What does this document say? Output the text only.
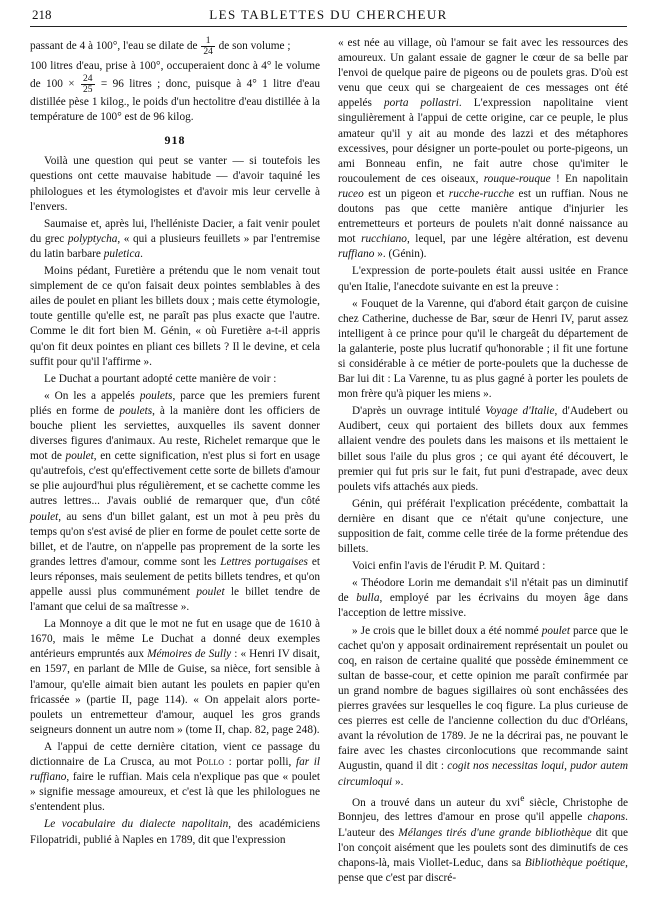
218	LES TABLETTES DU CHERCHEUR

passant de 4 à 100°, l'eau se dilate de $\frac{1}{24}$ de son volume ;

100 litres d'eau, prise à 100°, occuperaient donc à 4° le volume de $100 \times \frac{24}{25} = 96$ litres ; donc, puisque à 4° 1 litre d'eau distillée pèse 1 kilog., le poids d'un hectolitre d'eau distillée à la température de 100° est de 96 kilog.

918

Voilà une question qui peut se vanter — si toutefois les questions ont cette mauvaise habitude — d'avoir taquiné les philologues et les étymologistes et d'avoir mis leur cervelle à l'envers.

Saumaise et, après lui, l'helléniste Dacier, a fait venir poulet du grec polyptycha, « qui a plusieurs feuillets » par l'entremise du latin barbare puletica.

Moins pédant, Furetière a prétendu que le nom venait tout simplement de ce qu'on faisait deux pointes semblables à des ailes de poulet en pliant les billets doux ; mais cette étymologie, toute gentille qu'elle est, ne paraît pas plus exacte que l'autre. Comme le dit fort bien M. Génin, « où Furetière a-t-il appris qu'on fit deux pointes en pliant ces billets ? Il le devine, et cela suffit pour qu'il l'affirme ».

Le Duchat a pourtant adopté cette manière de voir :

« On les a appelés poulets, parce que les premiers furent pliés en forme de poulets, à la manière dont les officiers de bouche plient les serviettes, auxquelles ils savent donner diverses figures d'animaux. Au reste, Richelet remarque que le mot de poulet, en cette signification, n'est plus si fort en usage qu'autrefois, c'est qu'effectivement cette sorte de billets d'amour se plie aujourd'hui plus régulièrement, et se cachette comme les autres lettres... J'avais oublié de remarquer que, d'un côté poulet, au sens d'un billet galant, est un mot à peu près du temps qu'on s'est avisé de plier en forme de poulet cette sorte de billet, et de l'autre, on n'appelle pas proprement de la sorte les grandes lettres d'amour, comme sont les Lettres portugaises et leurs réponses, mais seulement de petits billets tendres, et qu'on appelle aussi plus communément poulet le billet tendre de l'amant que celui de sa maîtresse ».

La Monnoye a dit que le mot ne fut en usage que de 1610 à 1670, mais le même Le Duchat a donné deux exemples antérieurs empruntés aux Mémoires de Sully : « Henri IV disait, en 1597, en parlant de Mlle de Guise, sa nièce, fort sensible à l'amour, qu'elle aimait bien autant les poulets en papier qu'en fricassée » (partie II, page 114). « On appelait alors porte-poulets un entremetteur d'amour, auquel les gros grands seigneurs donnent un autre nom » (tome II, chap. 82, page 248).

A l'appui de cette dernière citation, vient ce passage du dictionnaire de La Crusca, au mot Pollo : portar polli, far il ruffiano, faire le ruffian. Mais cela n'explique pas que « poulet » signifie message amoureux, et c'est là que les philologues ne s'entendent plus.

Le vocabulaire du dialecte napolitain, des académiciens Filopatridi, publié à Naples en 1789, dit que l'expression

« est née au village, où l'amour se fait avec les ressources des amoureux. Un galant essaie de gagner le cœur de sa belle par l'envoi de quelque paire de pigeons ou de poulets gras. D'où est venu que ceux qui se chargeaient de ces messages ont été appelés porta pollastri. L'expression napolitaine vient singulièrement à l'appui de cette origine, car ce peuple, le plus amateur qu'il y ait au monde des lazzi et des métaphores excessives, pour désigner un porte-poulet ou porte-pigeons, un ami Bonneau enfin, ne fait autre chose qu'imiter le roucoulement de ces oiseaux, rouque-rouque ! En napolitain ruceo est un pigeon et rucche-rucche est un ruffian. Nous ne doutons pas que cette manière antique d'injurier les entremetteurs et porteurs de poulets n'ait donné naissance au mot rucchiano, lequel, par une légère altération, est devenu ruffiano ». (Génin).

L'expression de porte-poulets était aussi usitée en France qu'en Italie, l'anecdote suivante en est la preuve :

« Fouquet de la Varenne, qui d'abord était garçon de cuisine chez Catherine, duchesse de Bar, sœur de Henri IV, parut assez intelligent à ce prince pour qu'il le chargeât du département de la galanterie, poste plus lucratif qu'honorable ; il fit une fortune si considérable à ce métier de porte-poulets que la duchesse de Bar lui dit : La Varenne, tu as plus gagné à porter les poulets de mon frère qu'à piquer les miens ».

D'après un ouvrage intitulé Voyage d'Italie, d'Audebert ou Audibert, ceux qui portaient des billets doux aux femmes allaient vendre des poulets dans les maisons et ils mettaient le billet sous l'aile du plus gros ; ce qui ayant été découvert, le premier qui fut pris sur le fait, fut puni d'estrapade, avec deux poulets vifs attachés aux pieds.

Génin, qui préférait l'explication précédente, combattait la dernière en disant que ce n'était qu'une conjecture, une supposition de fait, comme celle tirée de la forme prétendue des billets.

Voici enfin l'avis de l'érudit P. M. Quitard :

« Théodore Lorin me demandait s'il n'était pas un diminutif de bulla, employé par les écrivains du moyen âge dans l'acception de lettre missive.

» Je crois que le billet doux a été nommé poulet parce que le cachet qu'on y apposait ordinairement représentait un poulet ou coq, en raison de certaine qualité que possède éminemment ce sultan de basse-cour, et cette opinion me paraît confirmée par un grand nombre de bagues sigillaires où sont enchâssées des pierres gravées sur lesquelles le coq figure. La plus curieuse de ces pierres est celle de l'ancienne collection du duc d'Orléans, avant la révolution de 1789. Je ne la décrirai pas, ne pouvant le faire avec les chastes circonlocutions que recommande saint Augustin, quand il dit : cogit nos necessitas loqui, pudor autem circumloqui ».

On a trouvé dans un auteur du xvi$^e$ siècle, Christophe de Bonnjeu, des lettres d'amour en prose qu'il appelle chapons. L'auteur des Mélanges tirés d'une grande bibliothèque dit que l'on conçoit aisément que les poulets sont des diminutifs de ces chapons-là, mais Viollet-Leduc, dans sa Bibliothèque poétique, pense que c'est par discré-
